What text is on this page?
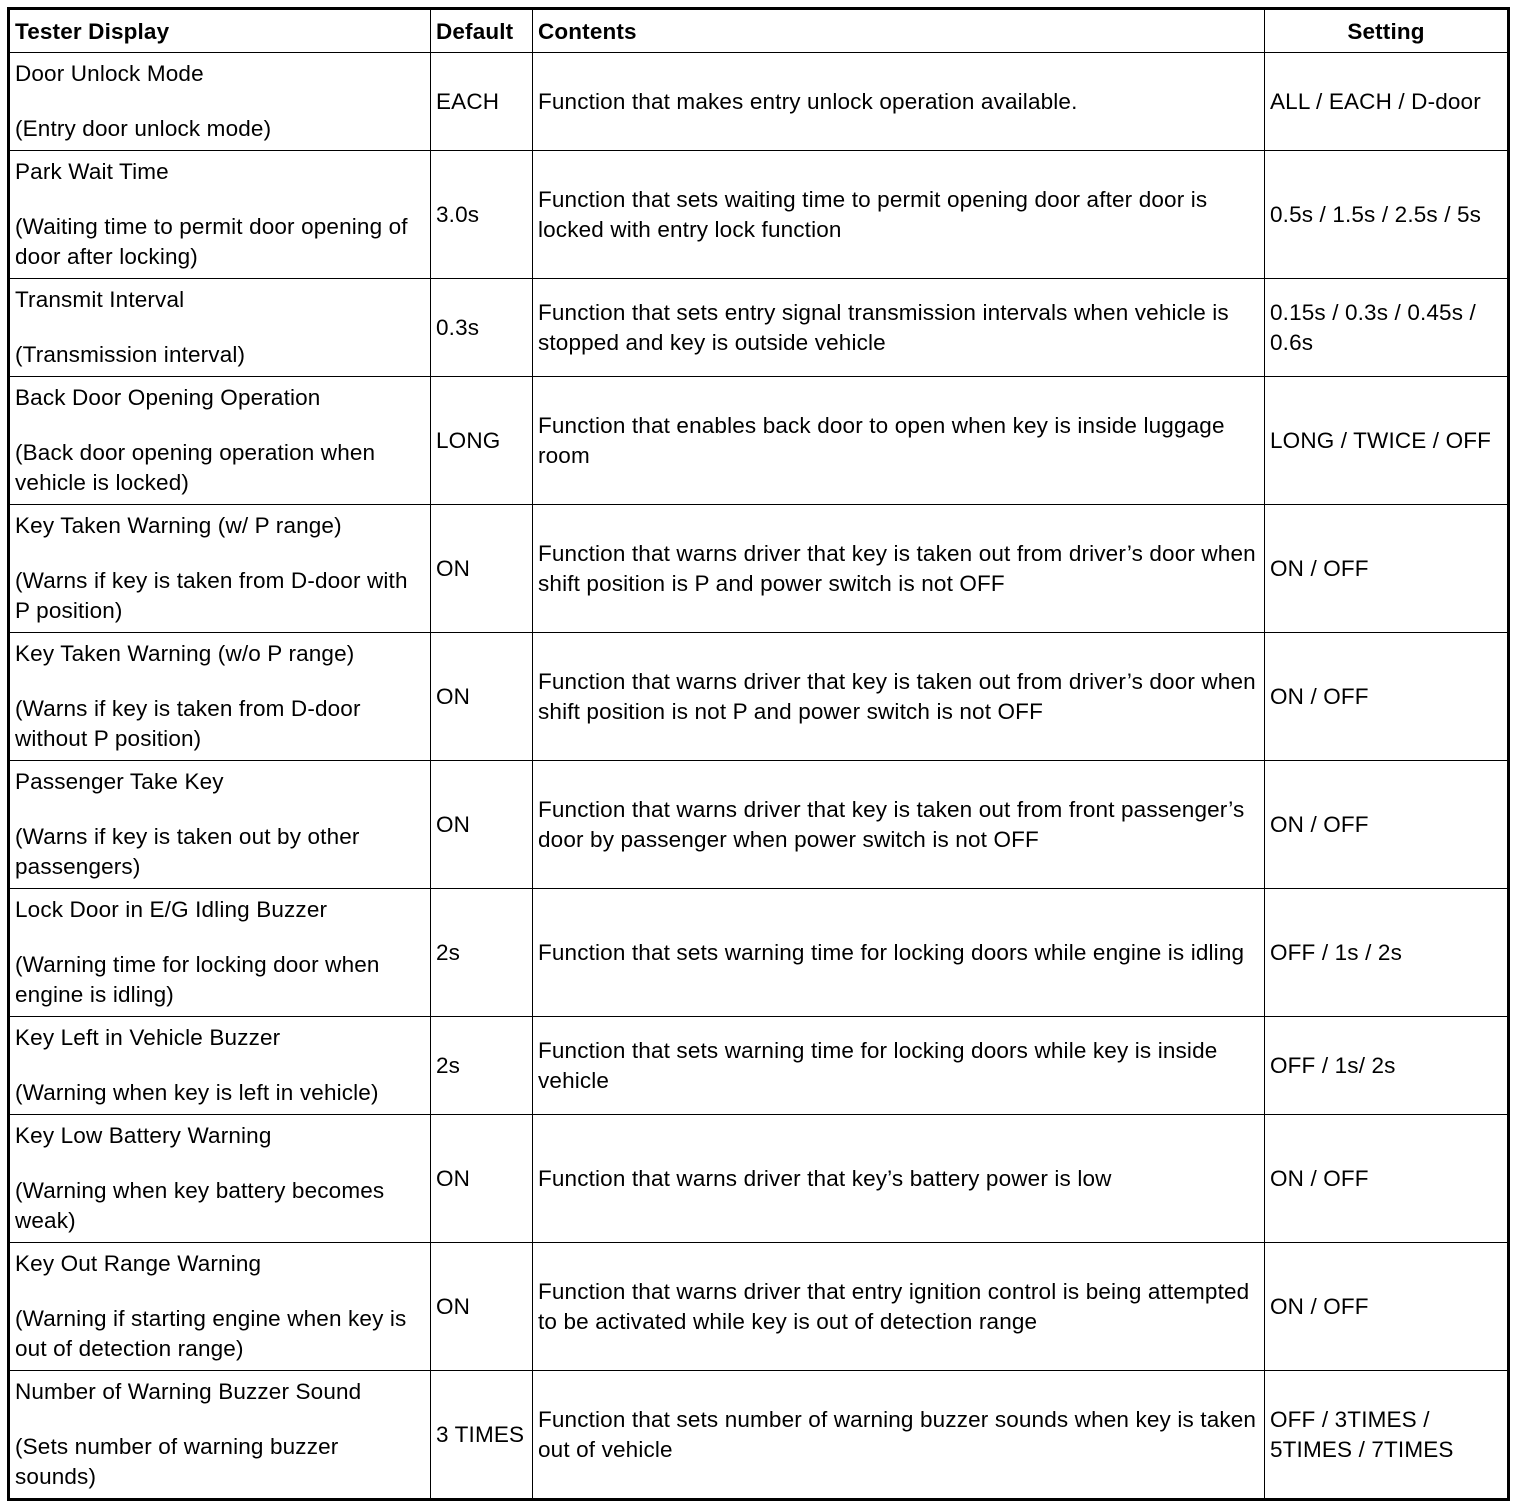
Tester Display	Default	Contents	Setting

Door Unlock Mode
(Entry door unlock mode)	EACH	Function that makes entry unlock operation available.	ALL / EACH / D-door

Park Wait Time
(Waiting time to permit door opening of door after locking)	3.0s	Function that sets waiting time to permit opening door after door is locked with entry lock function	0.5s / 1.5s / 2.5s / 5s

Transmit Interval
(Transmission interval)	0.3s	Function that sets entry signal transmission intervals when vehicle is stopped and key is outside vehicle	0.15s / 0.3s / 0.45s / 0.6s

Back Door Opening Operation
(Back door opening operation when vehicle is locked)	LONG	Function that enables back door to open when key is inside luggage room	LONG / TWICE / OFF

Key Taken Warning (w/ P range)
(Warns if key is taken from D-door with P position)	ON	Function that warns driver that key is taken out from driver’s door when shift position is P and power switch is not OFF	ON / OFF

Key Taken Warning (w/o P range)
(Warns if key is taken from D-door without P position)	ON	Function that warns driver that key is taken out from driver’s door when shift position is not P and power switch is not OFF	ON / OFF

Passenger Take Key
(Warns if key is taken out by other passengers)	ON	Function that warns driver that key is taken out from front passenger’s door by passenger when power switch is not OFF	ON / OFF

Lock Door in E/G Idling Buzzer
(Warning time for locking door when engine is idling)	2s	Function that sets warning time for locking doors while engine is idling	OFF / 1s / 2s

Key Left in Vehicle Buzzer
(Warning when key is left in vehicle)	2s	Function that sets warning time for locking doors while key is inside vehicle	OFF / 1s/ 2s

Key Low Battery Warning
(Warning when key battery becomes weak)	ON	Function that warns driver that key’s battery power is low	ON / OFF

Key Out Range Warning
(Warning if starting engine when key is out of detection range)	ON	Function that warns driver that entry ignition control is being attempted to be activated while key is out of detection range	ON / OFF

Number of Warning Buzzer Sound
(Sets number of warning buzzer sounds)	3 TIMES	Function that sets number of warning buzzer sounds when key is taken out of vehicle	OFF / 3TIMES / 5TIMES / 7TIMES
